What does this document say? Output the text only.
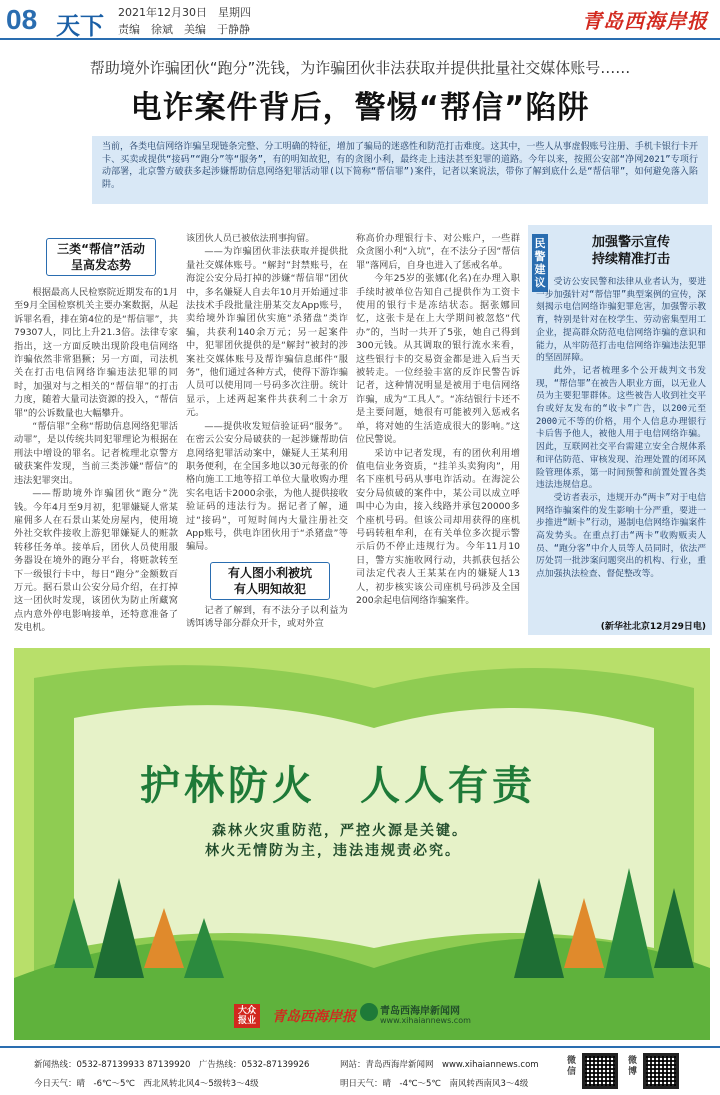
08 天下 2021年12月30日　星期四
责编　徐斌　美编　于静静	青岛西海岸报
帮助境外诈骗团伙“跑分”洗钱，为诈骗团伙非法获取并提供批量社交媒体账号……
电诈案件背后，警惕“帮信”陷阱
当前，各类电信网络诈骗呈现链条完整、分工明确的特征，增加了骗局的迷惑性和防范打击难度。这其中，一些人从事虚假账号注册、手机卡银行卡开卡、买卖或提供“接码”“跑分”等“服务”，有的明知故犯，有的贪图小利，最终走上违法甚至犯罪的道路。今年以来，按照公安部“净网2021”专项行动部署，北京警方破获多起涉嫌帮助信息网络犯罪活动罪(以下简称“帮信罪”)案件，记者以案说法，带你了解到底什么是“帮信罪”，如何避免落入陷阱。
三类“帮信”活动
呈高发态势

根据最高人民检察院近期发布的1月至9月全国检察机关主要办案数据，从起诉罪名看，排在第4位的是“帮信罪”，共79307人，同比上升21.3倍。法律专家指出，这一方面反映出现阶段电信网络诈骗依然非常猖獗；另一方面，司法机关在打击电信网络诈骗违法犯罪的同时，加强对与之相关的“帮信罪”的打击力度，随着大量司法资源的投入，“帮信罪”的公诉数量也大幅攀升。

“帮信罪”全称“帮助信息网络犯罪活动罪”，是以传统共同犯罪理论为根据在刑法中增设的罪名。记者梳理北京警方破获案件发现，当前三类涉嫌“帮信”的违法犯罪突出。

——帮助境外诈骗团伙“跑分”洗钱。今年4月至9月初，犯罪嫌疑人常某雇佣多人在石景山某处房屋内，使用境外社交软件接收上游犯罪嫌疑人的赃款转移任务单。接单后，团伙人员使用服务器设在境外的跑分平台，将赃款转至下一级银行卡中，每日“跑分”金额数百万元。据石景山公安分局介绍，在打掉这一团伙时发现，该团伙为防止所藏窝点内意外停电影响接单，还特意准备了发电机。

该团伙人员已被依法刑事拘留。

——为诈骗团伙非法获取并提供批量社交媒体账号。“解封”封禁账号，在海淀公安分局打掉的涉嫌“帮信罪”团伙中，多名嫌疑人自去年10月开始通过非法技术手段批量注册某交友App账号，卖给境外诈骗团伙实施“杀猪盘”类诈骗，共获利140余万元；另一起案件中，犯罪团伙提供的是“解封”被封的涉案社交媒体账号及帮诈骗信息邮件“服务”，他们通过各种方式，使得下游诈骗人员可以使用同一号码多次注册。统计显示，上述两起案件共获利二十余万元。

——提供收发短信验证码“服务”。在密云公安分局破获的一起涉嫌帮助信息网络犯罪活动案中，嫌疑人王某利用职务便利，在全国多地以30元每张的价格向施工工地等招工单位大量收购办理实名电话卡2000余张，为他人提供接收验证码的违法行为。据记者了解，通过“接码”，可短时间内大量注册社交App账号，供电诈团伙用于“杀猪盘”等骗局。

有人图小利被坑
有人明知故犯

记者了解到，有不法分子以利益为诱饵诱导部分群众开卡，或对外宣

称高价办理银行卡、对公账户，一些群众贪图小利“入坑”，在不法分子因“帮信罪”落网后，自身也进入了惩戒名单。

今年25岁的张娜(化名)在办理入职手续时被单位告知自己提供作为工资卡使用的银行卡是冻结状态。据张娜回忆，这张卡是在上大学期间被忽悠“代办”的，当时一共开了5张，她自己得到300元钱。从其调取的银行流水来看，这些银行卡的交易资金都是进入后当天被转走。一位经验丰富的反诈民警告诉记者，这种情况明显是被用于电信网络诈骗，成为“工具人”。“冻结银行卡还不是主要问题，她很有可能被列入惩戒名单，将对她的生活造成很大的影响。”这位民警说。

采访中记者发现，有的团伙利用增值电信业务资质，“挂羊头卖狗肉”，用名下座机号码从事电诈活动。在海淀公安分局侦破的案件中，某公司以成立呼叫中心为由，接入线路并承包20000多个座机号码。但该公司却用获得的座机号码转租牟利，在有关单位多次提示警示后仍不停止违规行为。今年11月10日，警方实施收网行动，共抓获包括公司法定代表人王某某在内的嫌疑人13人，初步核实该公司座机号码涉及全国200余起电信网络诈骗案件。

民警建议
加强警示宣传
持续精准打击

受访公安民警和法律从业者认为，要进一步加强针对“帮信罪”典型案例的宣传，深刻揭示电信网络诈骗犯罪危害，加强警示教育，特别是针对在校学生、劳动密集型用工企业，提高群众防范电信网络诈骗的意识和能力，从牢防范打击电信网络诈骗违法犯罪的坚固屏障。

此外，记者梳理多个公开裁判文书发现，“帮信罪”在被告人职业方面，以无业人员为主要犯罪群体。这些被告人收到社交平台或好友发布的“收卡”广告，以200元至2000元不等的价格，用个人信息办理银行卡后售予他人，被他人用于电信网络诈骗。因此，互联网社交平台需建立安全合规体系和评估防范、审核发现、治理处置的闭环风险管理体系，第一时间预警和前置处置各类违法违规信息。

受访者表示，违规开办“两卡”对于电信网络诈骗案件的发生影响十分严重，要进一步推进“断卡”行动，遏制电信网络诈骗案件高发势头。在重点打击“两卡”收购贩卖人员、“跑分客”中介人员等人员同时，依法严厉处罚一批涉案问题突出的机构、行业，重点加强执法检查、督促整改等。

(新华社北京12月29日电)
护林防火　人人有责
森林火灾重防范，严控火源是关键。
林火无情防为主，违法违规责必究。
大众报业 青岛西海岸报 青岛西海岸新闻网
www.xihaiannews.com
新闻热线：0532-87139933 87139920　广告热线：0532-87139926
今日天气：晴　-6℃～5℃　西北风转北风4～5级转3～4级
网站：青岛西海岸新闻网　www.xihaiannews.com
明日天气：晴　-4℃～5℃　南风转西南风3～4级
微信
微博
